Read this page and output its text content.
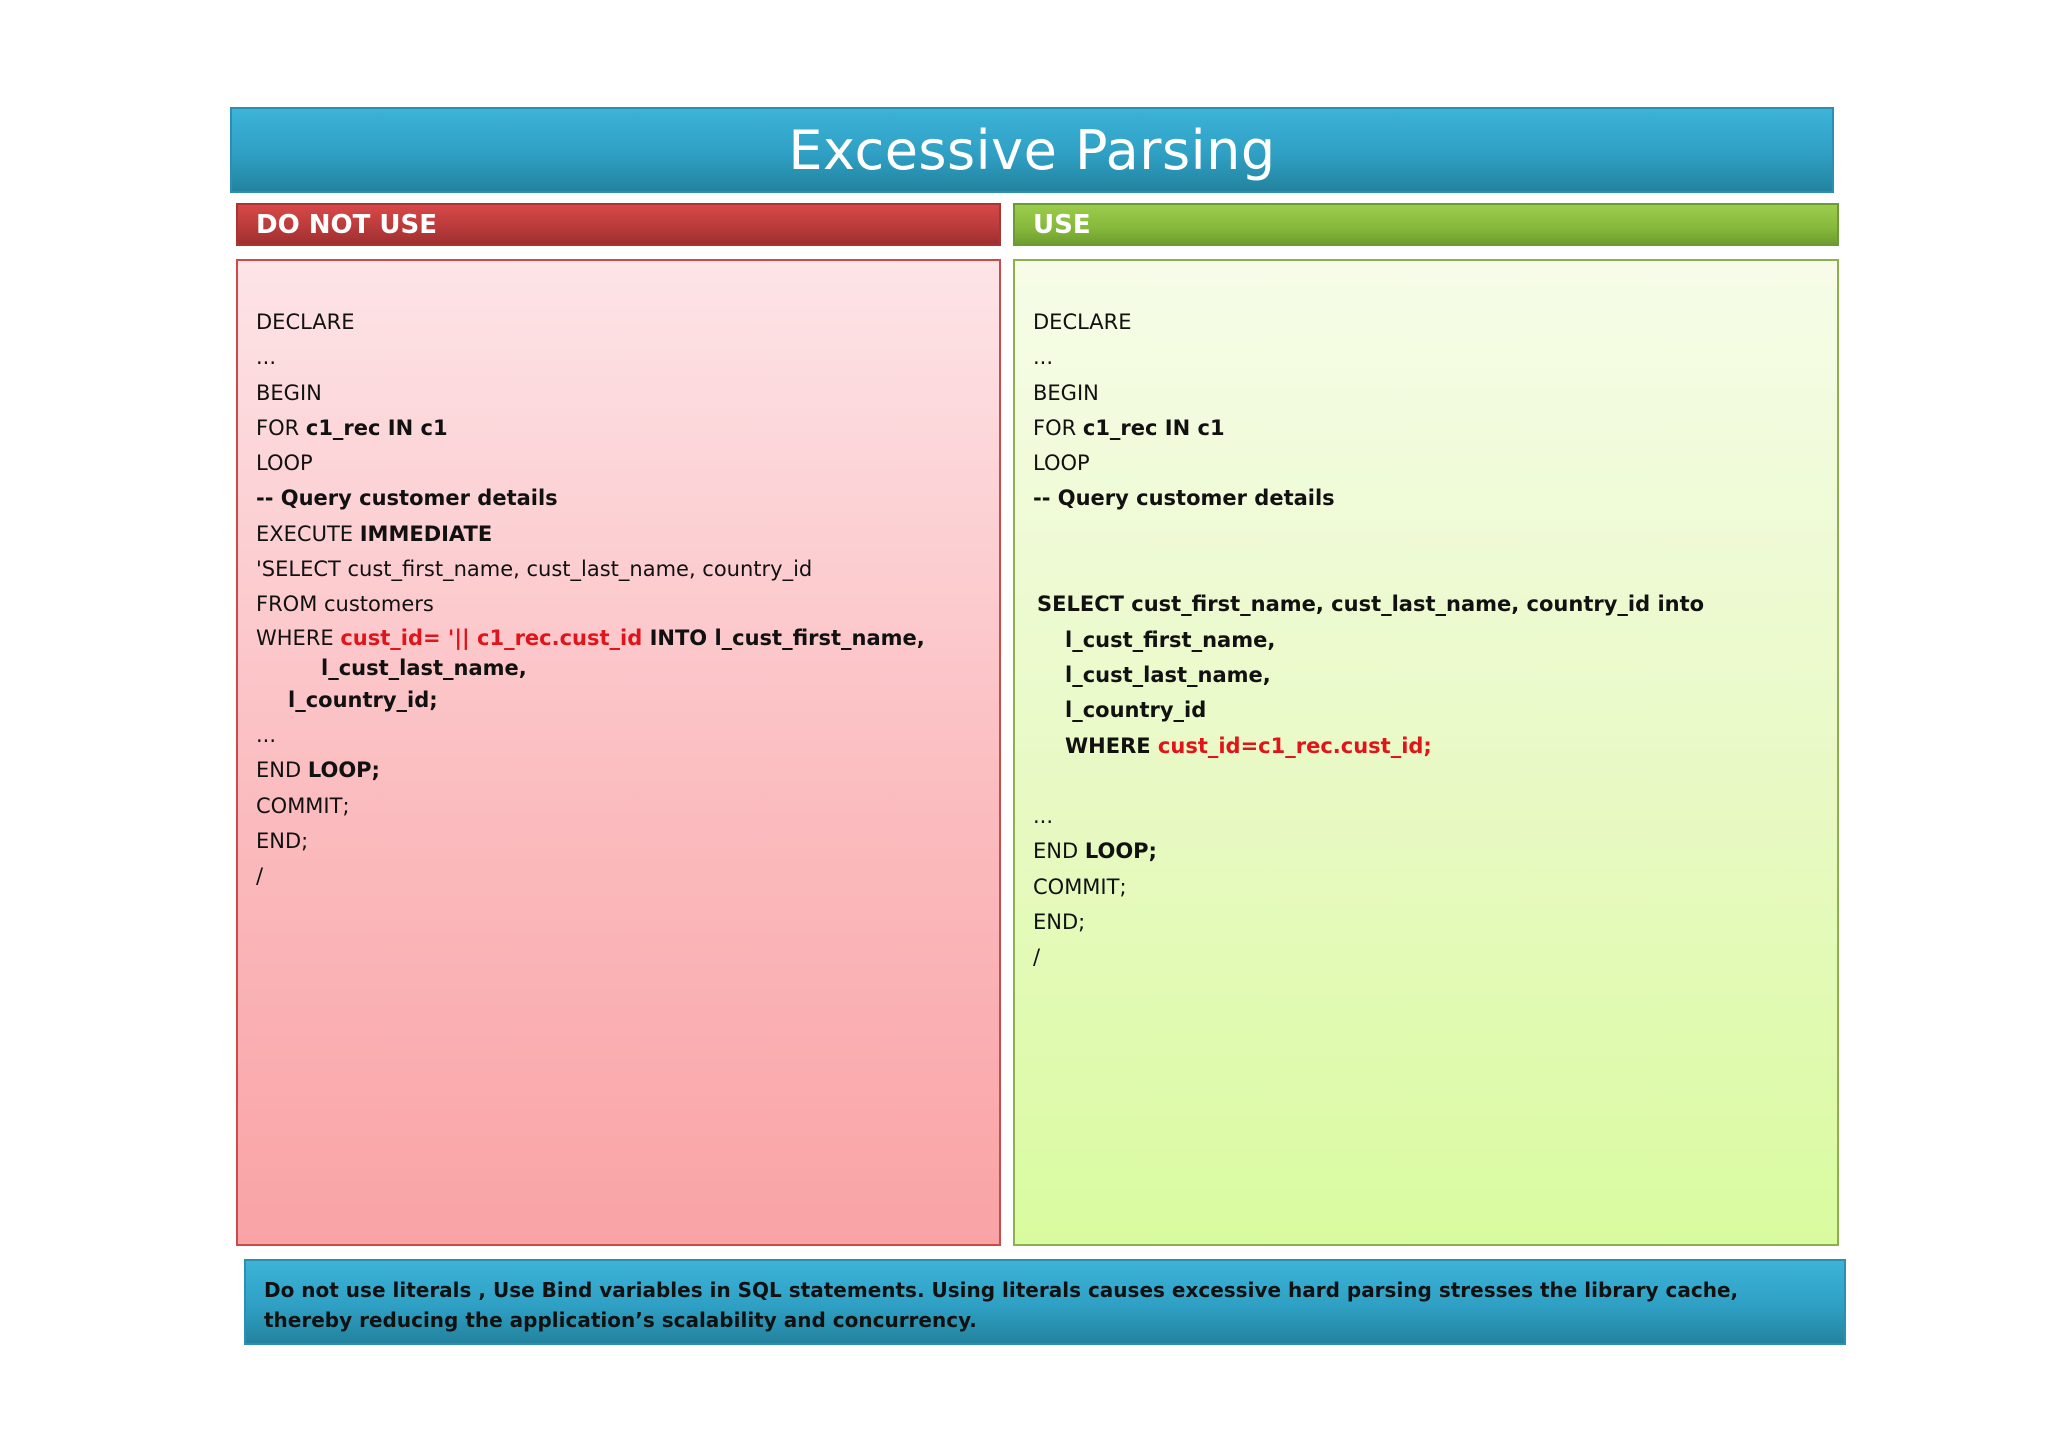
Excessive Parsing
DO NOT USE	USE
DECLARE
...
BEGIN
FOR c1_rec IN c1
LOOP
-- Query customer details
EXECUTE IMMEDIATE
'SELECT cust_first_name, cust_last_name, country_id
FROM customers
WHERE cust_id= '|| c1_rec.cust_id INTO l_cust_first_name,
l_cust_last_name,
l_country_id;
...
END LOOP;
COMMIT;
END;
/
DECLARE
...
BEGIN
FOR c1_rec IN c1
LOOP
-- Query customer details
SELECT cust_first_name, cust_last_name, country_id into
l_cust_first_name,
l_cust_last_name,
l_country_id
WHERE cust_id=c1_rec.cust_id;
...
END LOOP;
COMMIT;
END;
/
Do not use literals , Use Bind variables in SQL statements. Using literals causes excessive hard parsing stresses the library cache, thereby reducing the application’s scalability and concurrency.
